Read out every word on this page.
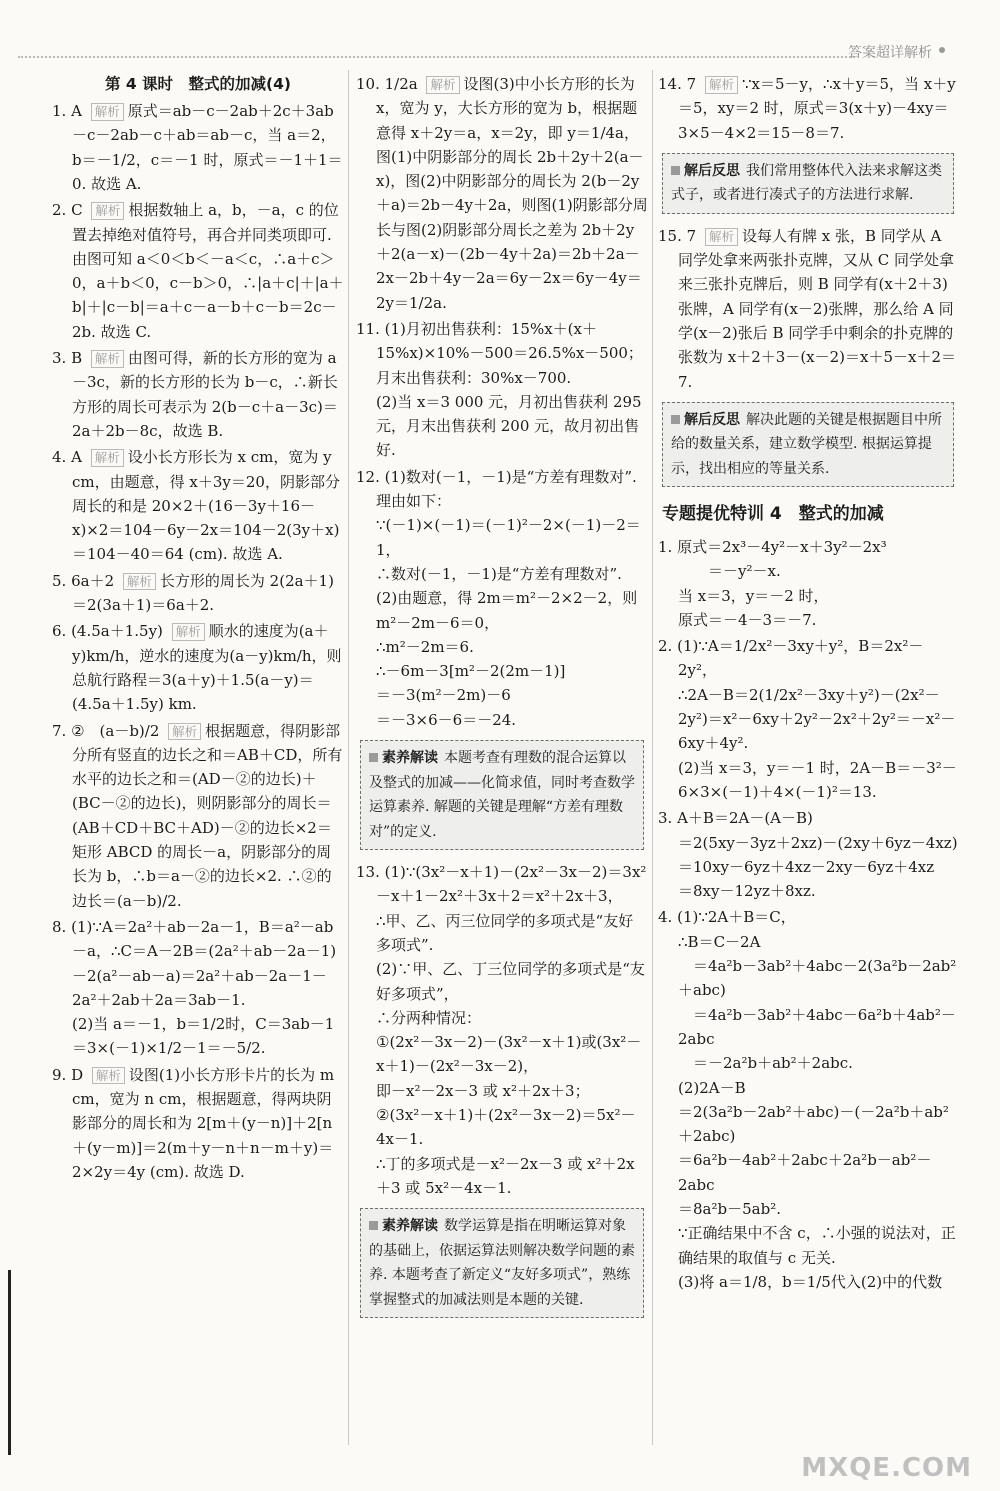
答案超详解析
第 4 课时　整式的加减(4)
1. A 解析 原式＝ab－c－2ab＋2c＋3ab－c－2ab－c＋ab＝ab－c，当 a＝2，b＝－1/2，c＝－1 时，原式＝－1＋1＝0. 故选 A.
2. C 解析 根据数轴上 a，b，－a，c 的位置去掉绝对值符号，再合并同类项即可. 由图可知 a＜0＜b＜－a＜c，∴a＋c＞0，a＋b＜0，c－b＞0，∴|a＋c|＋|a＋b|＋|c－b|＝a＋c－a－b＋c－b＝2c－2b. 故选 C.
3. B 解析 由图可得，新的长方形的宽为 a－3c，新的长方形的长为 b－c，∴新长方形的周长可表示为 2(b－c＋a－3c)＝2a＋2b－8c，故选 B.
4. A 解析 设小长方形长为 x cm，宽为 y cm，由题意，得 x＋3y＝20，阴影部分周长的和是 20×2＋(16－3y＋16－x)×2＝104－6y－2x＝104－2(3y＋x)＝104－40＝64 (cm). 故选 A.
5. 6a＋2 解析 长方形的周长为 2(2a＋1)＝2(3a＋1)＝6a＋2.
6. (4.5a＋1.5y) 解析 顺水的速度为(a＋y)km/h，逆水的速度为(a－y)km/h，则总航行路程＝3(a＋y)＋1.5(a－y)＝(4.5a＋1.5y) km.
7. ②　(a－b)/2 解析 根据题意，得阴影部分所有竖直的边长之和＝AB＋CD，所有水平的边长之和＝(AD－②的边长)＋(BC－②的边长)，则阴影部分的周长＝(AB＋CD＋BC＋AD)－②的边长×2＝矩形 ABCD 的周长－a，阴影部分的周长为 b，∴b＝a－②的边长×2. ∴②的边长＝(a－b)/2.
8. (1)∵A＝2a²＋ab－2a－1，B＝a²－ab－a，∴C＝A－2B＝(2a²＋ab－2a－1)－2(a²－ab－a)＝2a²＋ab－2a－1－2a²＋2ab＋2a＝3ab－1.
(2)当 a＝－1，b＝1/2时，C＝3ab－1＝3×(－1)×1/2－1＝－5/2.
9. D 解析 设图(1)小长方形卡片的长为 m cm，宽为 n cm，根据题意，得两块阴影部分的周长和为 2[m＋(y－n)]＋2[n＋(y－m)]＝2(m＋y－n＋n－m＋y)＝2×2y＝4y (cm). 故选 D.
10. 1/2a 解析 设图(3)中小长方形的长为 x，宽为 y，大长方形的宽为 b，根据题意得 x＋2y＝a，x＝2y，即 y＝1/4a，
图(1)中阴影部分的周长 2b＋2y＋2(a－x)，图(2)中阴影部分的周长为 2(b－2y＋a)＝2b－4y＋2a，则图(1)阴影部分周长与图(2)阴影部分周长之差为 2b＋2y＋2(a－x)－(2b－4y＋2a)＝2b＋2a－2x－2b＋4y－2a＝6y－2x＝6y－4y＝2y＝1/2a.
11. (1)月初出售获利：15%x＋(x＋15%x)×10%－500＝26.5%x－500；
月末出售获利：30%x－700.
(2)当 x＝3 000 元，月初出售获利 295 元，月末出售获利 200 元，故月初出售好.
12. (1)数对(－1，－1)是“方差有理数对”.
理由如下：
∵(－1)×(－1)＝(－1)²－2×(－1)－2＝1，
∴数对(－1，－1)是“方差有理数对”.
(2)由题意，得 2m＝m²－2×2－2，则 m²－2m－6＝0，
∴m²－2m＝6.
∴－6m－3[m²－2(2m－1)]
＝－3(m²－2m)－6
＝－3×6－6＝－24.
素养解读 本题考查有理数的混合运算以及整式的加减——化简求值，同时考查数学运算素养. 解题的关键是理解“方差有理数对”的定义.
13. (1)∵(3x²－x＋1)－(2x²－3x－2)＝3x²－x＋1－2x²＋3x＋2＝x²＋2x＋3，
∴甲、乙、丙三位同学的多项式是“友好多项式”.
(2)∵甲、乙、丁三位同学的多项式是“友好多项式”，
∴分两种情况：
①(2x²－3x－2)－(3x²－x＋1)或(3x²－x＋1)－(2x²－3x－2)，
即－x²－2x－3 或 x²＋2x＋3；
②(3x²－x＋1)＋(2x²－3x－2)＝5x²－4x－1.
∴丁的多项式是－x²－2x－3 或 x²＋2x＋3 或 5x²－4x－1.
素养解读 数学运算是指在明晰运算对象的基础上，依据运算法则解决数学问题的素养. 本题考查了新定义“友好多项式”，熟练掌握整式的加减法则是本题的关键.
14. 7 解析 ∵x＝5－y，∴x＋y＝5，当 x＋y＝5，xy＝2 时，原式＝3(x＋y)－4xy＝3×5－4×2＝15－8＝7.
解后反思 我们常用整体代入法来求解这类式子，或者进行凑式子的方法进行求解.
15. 7 解析 设每人有牌 x 张，B 同学从 A 同学处拿来两张扑克牌，又从 C 同学处拿来三张扑克牌后，则 B 同学有(x＋2＋3)张牌，A 同学有(x－2)张牌，那么给 A 同学(x－2)张后 B 同学手中剩余的扑克牌的张数为 x＋2＋3－(x－2)＝x＋5－x＋2＝7.
解后反思 解决此题的关键是根据题目中所给的数量关系，建立数学模型. 根据运算提示，找出相应的等量关系.
专题提优特训 4　整式的加减
1. 原式＝2x³－4y²－x＋3y²－2x³
　　＝－y²－x.
当 x＝3，y＝－2 时，
原式＝－4－3＝－7.
2. (1)∵A＝1/2x²－3xy＋y²，B＝2x²－2y²，
∴2A－B＝2(1/2x²－3xy＋y²)－(2x²－2y²)＝x²－6xy＋2y²－2x²＋2y²＝－x²－6xy＋4y².
(2)当 x＝3，y＝－1 时，2A－B＝－3²－6×3×(－1)＋4×(－1)²＝13.
3. A＋B＝2A－(A－B)
＝2(5xy－3yz＋2xz)－(2xy＋6yz－4xz)
＝10xy－6yz＋4xz－2xy－6yz＋4xz
＝8xy－12yz＋8xz.
4. (1)∵2A＋B＝C，
∴B＝C－2A
　＝4a²b－3ab²＋4abc－2(3a²b－2ab²＋abc)
　＝4a²b－3ab²＋4abc－6a²b＋4ab²－2abc
　＝－2a²b＋ab²＋2abc.
(2)2A－B
＝2(3a²b－2ab²＋abc)－(－2a²b＋ab²＋2abc)
＝6a²b－4ab²＋2abc＋2a²b－ab²－2abc
＝8a²b－5ab².
∵正确结果中不含 c，∴小强的说法对，正确结果的取值与 c 无关.
(3)将 a＝1/8，b＝1/5代入(2)中的代数
MXQE.COM
